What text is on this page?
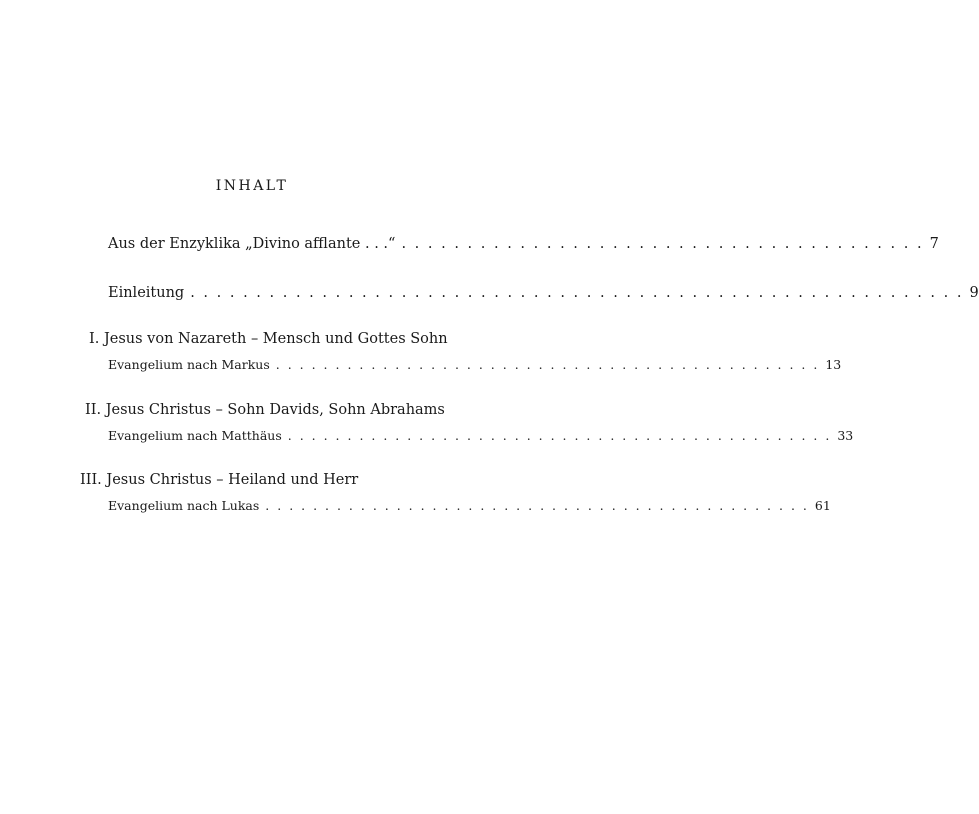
INHALT
Aus der Enzyklika „Divino afflante . . .“ . . . . . . . . . . . . . . . . . . . . . . . . . . . . . . . . . . . . . . . . 7
Einleitung . . . . . . . . . . . . . . . . . . . . . . . . . . . . . . . . . . . . . . . . . . . . . . . . . . . . . . . . . . . 9
I. Jesus von Nazareth – Mensch und Gottes Sohn
Evangelium nach Markus . . . . . . . . . . . . . . . . . . . . . . . . . . . . . . . . . . . . . . . . . . . . . . 13
II. Jesus Christus – Sohn Davids, Sohn Abrahams
Evangelium nach Matthäus . . . . . . . . . . . . . . . . . . . . . . . . . . . . . . . . . . . . . . . . . . . . . . 33
III. Jesus Christus – Heiland und Herr
Evangelium nach Lukas . . . . . . . . . . . . . . . . . . . . . . . . . . . . . . . . . . . . . . . . . . . . . . 61
